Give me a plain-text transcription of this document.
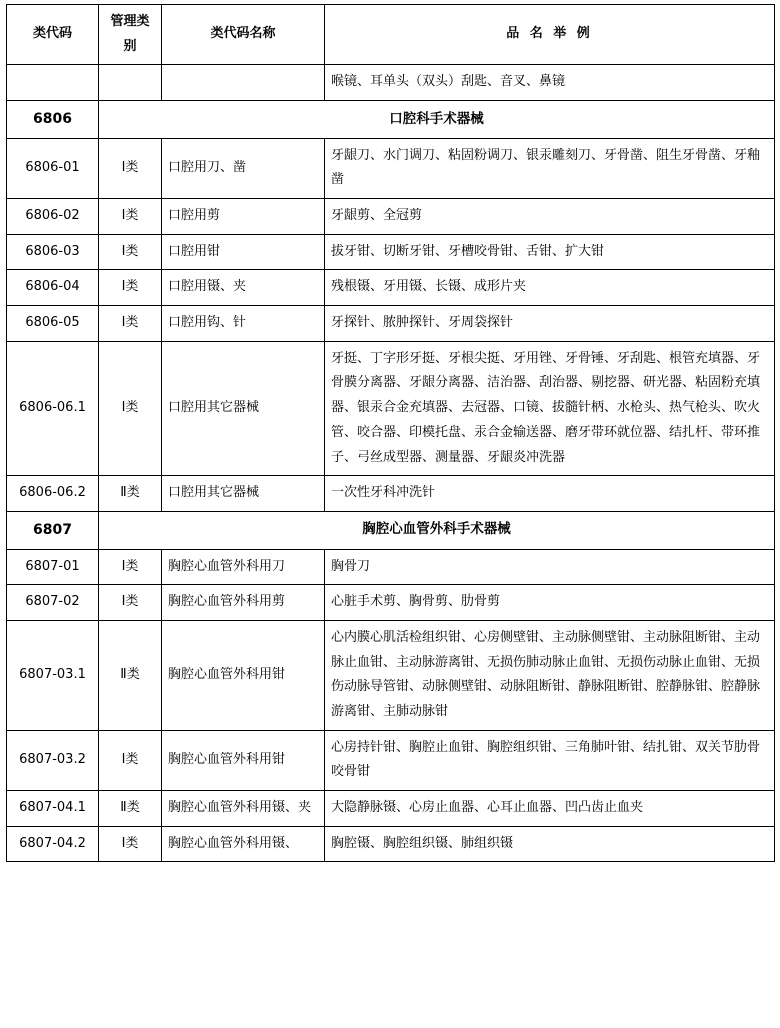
类代码	管理类别	类代码名称	品 名 举 例
			喉镜、耳单头（双头）刮匙、音叉、鼻镜
6806	口腔科手术器械		
6806-01	Ⅰ类	口腔用刀、凿	牙龈刀、水门调刀、粘固粉调刀、银汞雕刻刀、牙骨凿、阻生牙骨凿、牙釉凿
6806-02	Ⅰ类	口腔用剪	牙龈剪、全冠剪
6806-03	Ⅰ类	口腔用钳	拔牙钳、切断牙钳、牙槽咬骨钳、舌钳、扩大钳
6806-04	Ⅰ类	口腔用镊、夹	残根镊、牙用镊、长镊、成形片夹
6806-05	Ⅰ类	口腔用钩、针	牙探针、脓肿探针、牙周袋探针
6806-06.1	Ⅰ类	口腔用其它器械	牙挺、丁字形牙挺、牙根尖挺、牙用锉、牙骨锤、牙刮匙、根管充填器、牙骨膜分离器、牙龈分离器、洁治器、刮治器、剔挖器、研光器、粘固粉充填器、银汞合金充填器、去冠器、口镜、拔髓针柄、水枪头、热气枪头、吹火管、咬合器、印模托盘、汞合金输送器、磨牙带环就位器、结扎杆、带环推子、弓丝成型器、测量器、牙龈炎冲洗器
6806-06.2	Ⅱ类	口腔用其它器械	一次性牙科冲洗针
6807	胸腔心血管外科手术器械		
6807-01	Ⅰ类	胸腔心血管外科用刀	胸骨刀
6807-02	Ⅰ类	胸腔心血管外科用剪	心脏手术剪、胸骨剪、肋骨剪
6807-03.1	Ⅱ类	胸腔心血管外科用钳	心内膜心肌活检组织钳、心房侧壁钳、主动脉侧壁钳、主动脉阻断钳、主动脉止血钳、主动脉游离钳、无损伤肺动脉止血钳、无损伤动脉止血钳、无损伤动脉导管钳、动脉侧壁钳、动脉阻断钳、静脉阻断钳、腔静脉钳、腔静脉游离钳、主肺动脉钳
6807-03.2	Ⅰ类	胸腔心血管外科用钳	心房持针钳、胸腔止血钳、胸腔组织钳、三角肺叶钳、结扎钳、双关节肋骨咬骨钳
6807-04.1	Ⅱ类	胸腔心血管外科用镊、夹	大隐静脉镊、心房止血器、心耳止血器、凹凸齿止血夹
6807-04.2	Ⅰ类	胸腔心血管外科用镊、	胸腔镊、胸腔组织镊、肺组织镊
